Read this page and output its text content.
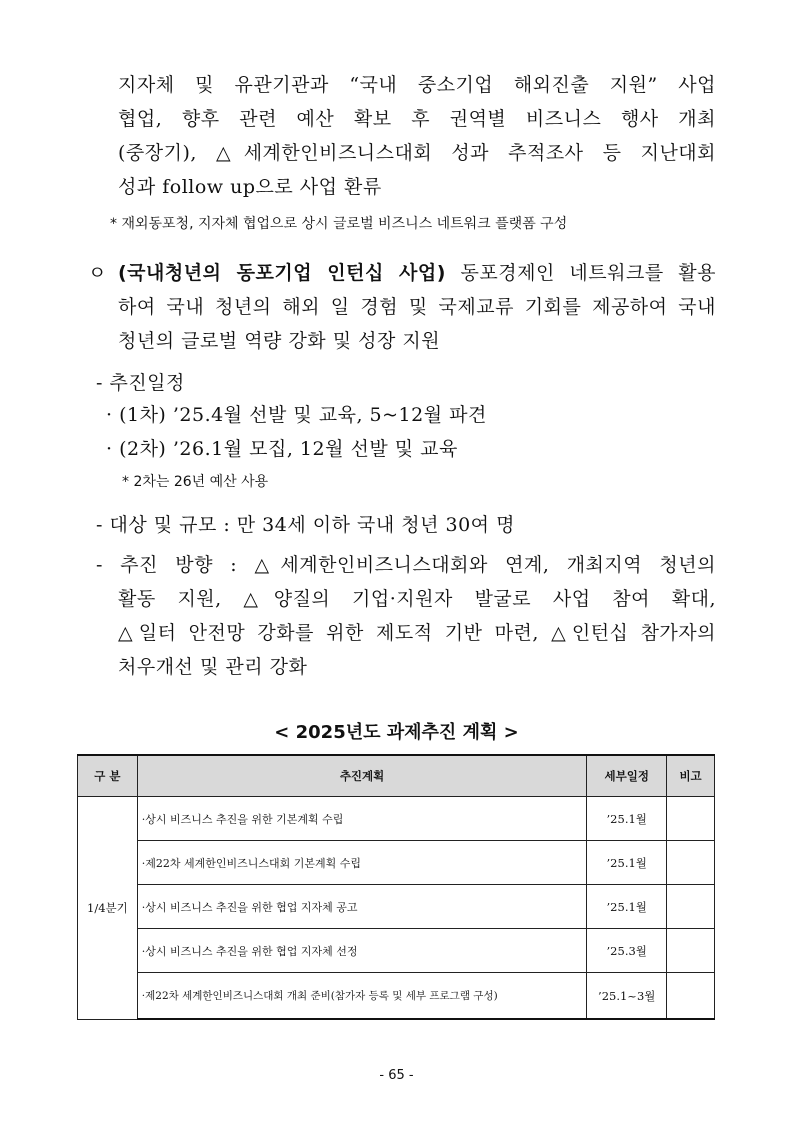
지자체 및 유관기관과 “국내 중소기업 해외진출 지원” 사업
협업, 향후 관련 예산 확보 후 권역별 비즈니스 행사 개최
(중장기), △세계한인비즈니스대회 성과 추적조사 등 지난대회
성과 follow up으로 사업 환류
* 재외동포청, 지자체 협업으로 상시 글로벌 비즈니스 네트워크 플랫폼 구성
ㅇ (국내청년의 동포기업 인턴십 사업) 동포경제인 네트워크를 활용
하여 국내 청년의 해외 일 경험 및 국제교류 기회를 제공하여 국내
청년의 글로벌 역량 강화 및 성장 지원
- 추진일정
· (1차) ’25.4월 선발 및 교육, 5~12월 파견
· (2차) ’26.1월 모집, 12월 선발 및 교육
* 2차는 26년 예산 사용
- 대상 및 규모 : 만 34세 이하 국내 청년 30여 명
- 추진 방향 : △세계한인비즈니스대회와 연계, 개최지역 청년의
활동 지원, △양질의 기업·지원자 발굴로 사업 참여 확대,
△일터 안전망 강화를 위한 제도적 기반 마련, △인턴십 참가자의
처우개선 및 관리 강화
< 2025년도 과제추진 계획 >
구 분	추진계획	세부일정	비고
1/4분기	·상시 비즈니스 추진을 위한 기본계획 수립	’25.1월	
	·제22차 세계한인비즈니스대회 기본계획 수립	’25.1월	
	·상시 비즈니스 추진을 위한 협업 지자체 공고	’25.1월	
	·상시 비즈니스 추진을 위한 협업 지자체 선정	’25.3월	
	·제22차 세계한인비즈니스대회 개최 준비(참가자 등록 및 세부 프로그램 구성)	’25.1~3월	
- 65 -
